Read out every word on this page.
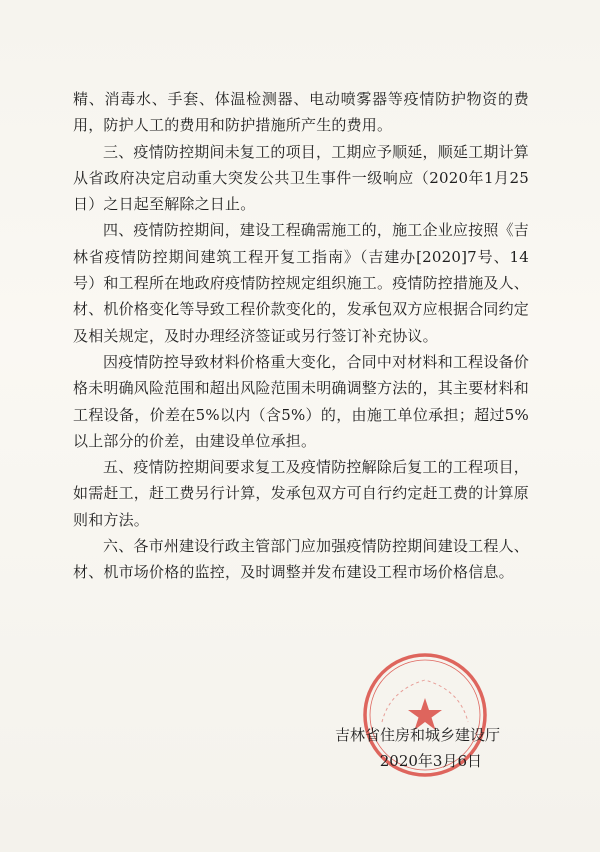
精、消毒水、手套、体温检测器、电动喷雾器等疫情防护物资的费用，防护人工的费用和防护措施所产生的费用。

三、疫情防控期间未复工的项目，工期应予顺延，顺延工期计算从省政府决定启动重大突发公共卫生事件一级响应（2020年1月25日）之日起至解除之日止。

四、疫情防控期间，建设工程确需施工的，施工企业应按照《吉林省疫情防控期间建筑工程开复工指南》（吉建办[2020]7号、14号）和工程所在地政府疫情防控规定组织施工。疫情防控措施及人、材、机价格变化等导致工程价款变化的，发承包双方应根据合同约定及相关规定，及时办理经济签证或另行签订补充协议。

因疫情防控导致材料价格重大变化，合同中对材料和工程设备价格未明确风险范围和超出风险范围未明确调整方法的，其主要材料和工程设备，价差在5%以内（含5%）的，由施工单位承担；超过5%以上部分的价差，由建设单位承担。

五、疫情防控期间要求复工及疫情防控解除后复工的工程项目，如需赶工，赶工费另行计算，发承包双方可自行约定赶工费的计算原则和方法。

六、各市州建设行政主管部门应加强疫情防控期间建设工程人、材、机市场价格的监控，及时调整并发布建设工程市场价格信息。

吉林省住房和城乡建设厅
2020年3月6日
